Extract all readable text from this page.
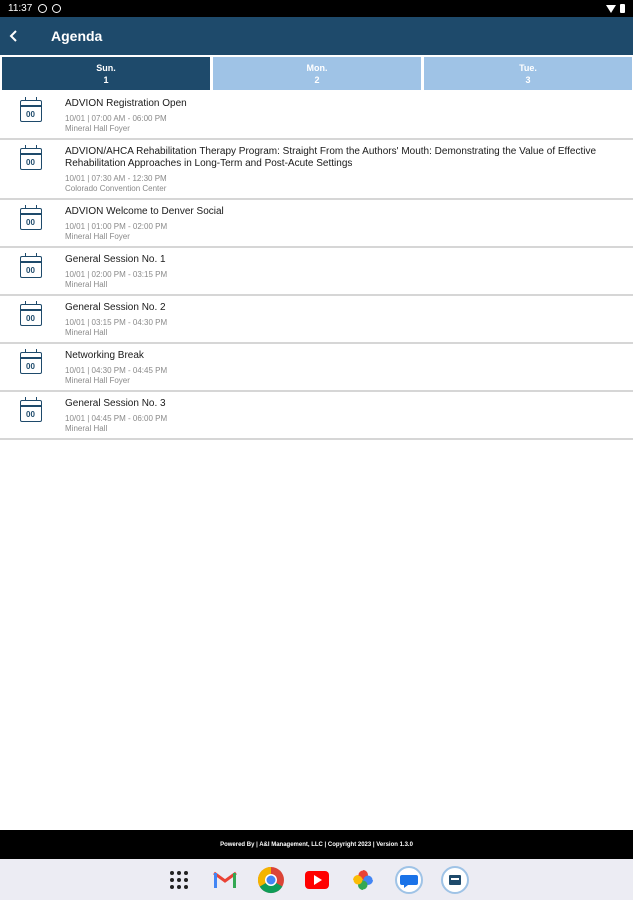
11:37
Agenda
Sun.
1
Mon.
2
Tue.
3
00
ADVION Registration Open
10/01 | 07:00 AM - 06:00 PM
Mineral Hall Foyer
00
ADVION/AHCA Rehabilitation Therapy Program: Straight From the Authors' Mouth: Demonstrating the Value of Effective Rehabilitation Approaches in Long-Term and Post-Acute Settings
10/01 | 07:30 AM - 12:30 PM
Colorado Convention Center
00
ADVION Welcome to Denver Social
10/01 | 01:00 PM - 02:00 PM
Mineral Hall Foyer
00
General Session No. 1
10/01 | 02:00 PM - 03:15 PM
Mineral Hall
00
General Session No. 2
10/01 | 03:15 PM - 04:30 PM
Mineral Hall
00
Networking Break
10/01 | 04:30 PM - 04:45 PM
Mineral Hall Foyer
00
General Session No. 3
10/01 | 04:45 PM - 06:00 PM
Mineral Hall
Powered By | A&I Management, LLC | Copyright 2023 | Version 1.3.0
